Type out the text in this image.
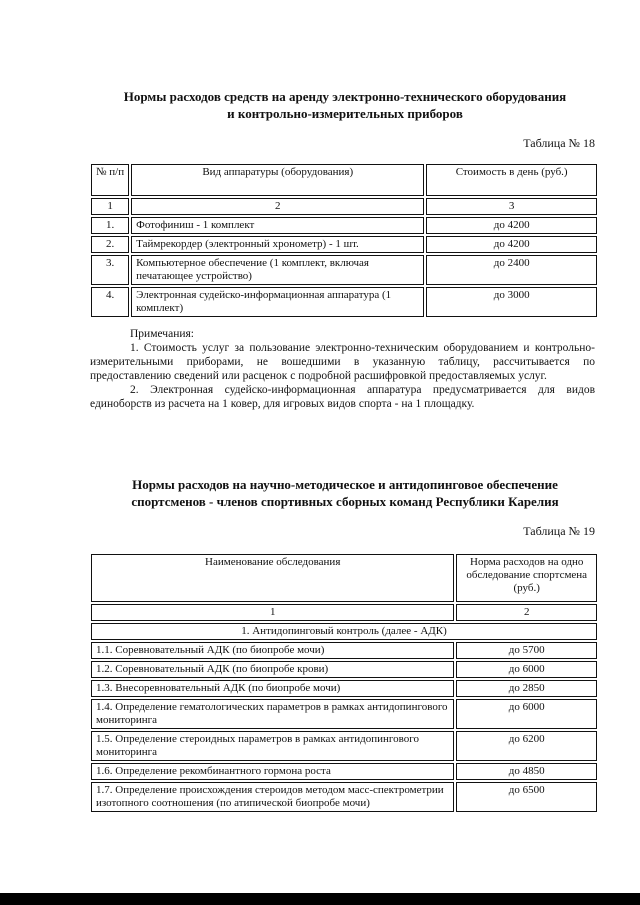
Нормы расходов средств на аренду электронно-технического оборудования
и контрольно-измерительных приборов
Таблица № 18
№ п/п	Вид аппаратуры (оборудования)	Стоимость в день (руб.)
1	2	3
1.	Фотофиниш - 1 комплект	до 4200
2.	Таймрекордер (электронный хронометр) - 1 шт.	до 4200
3.	Компьютерное обеспечение (1 комплект, включая печатающее устройство)	до 2400
4.	Электронная судейско-информационная аппаратура (1 комплект)	до 3000

Примечания:

1. Стоимость услуг за пользование электронно-техническим оборудованием и контрольно-измерительными приборами, не вошедшими в указанную таблицу, рассчитывается по предоставлению сведений или расценок с подробной расшифровкой предоставляемых услуг.

2. Электронная судейско-информационная аппаратура предусматривается для видов единоборств из расчета на 1 ковер, для игровых видов спорта - на 1 площадку.

Нормы расходов на научно-методическое и антидопинговое обеспечение
спортсменов - членов спортивных сборных команд Республики Карелия
Таблица № 19
Наименование обследования	Норма расходов на одно обследование спортсмена (руб.)
1	2
1. Антидопинговый контроль (далее - АДК)	
1.1. Соревновательный АДК (по биопробе мочи)	до 5700
1.2. Соревновательный АДК (по биопробе крови)	до 6000
1.3. Внесоревновательный АДК (по биопробе мочи)	до 2850
1.4. Определение гематологических параметров в рамках антидопингового мониторинга	до 6000
1.5. Определение стероидных параметров в рамках антидопингового мониторинга	до 6200
1.6. Определение рекомбинантного гормона роста	до 4850
1.7. Определение происхождения стероидов методом масс-спектрометрии изотопного соотношения (по атипической биопробе мочи)	до 6500
